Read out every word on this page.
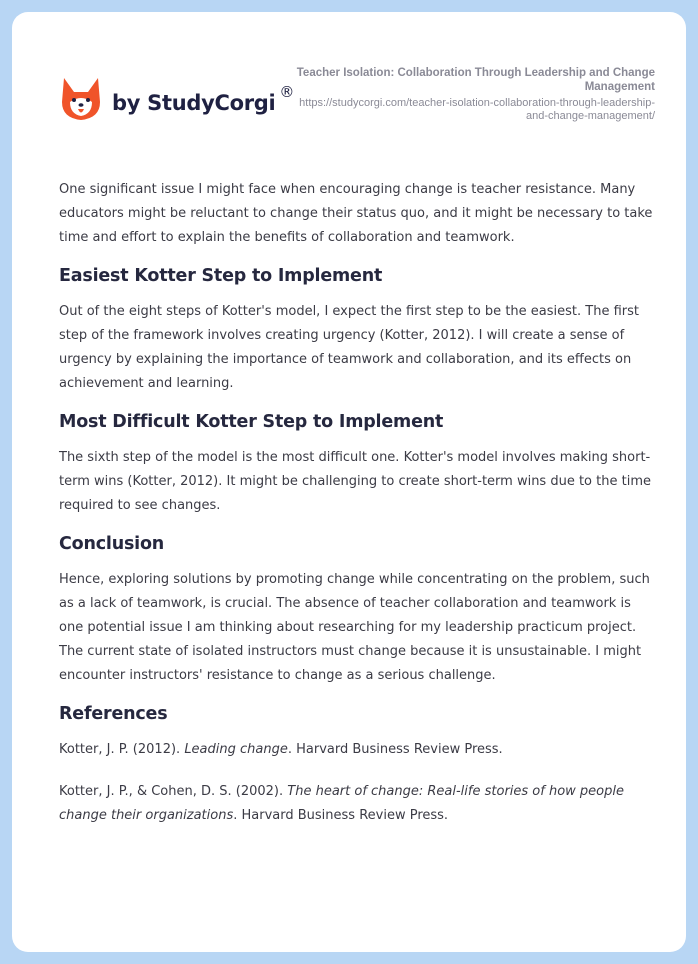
by StudyCorgi ®
Teacher Isolation: Collaboration Through Leadership and Change Management
https://studycorgi.com/teacher-isolation-collaboration-through-leadership-and-change-management/

One significant issue I might face when encouraging change is teacher resistance. Many educators might be reluctant to change their status quo, and it might be necessary to take time and effort to explain the benefits of collaboration and teamwork.

Easiest Kotter Step to Implement

Out of the eight steps of Kotter's model, I expect the first step to be the easiest. The first step of the framework involves creating urgency (Kotter, 2012). I will create a sense of urgency by explaining the importance of teamwork and collaboration, and its effects on achievement and learning.

Most Difficult Kotter Step to Implement

The sixth step of the model is the most difficult one. Kotter's model involves making short-term wins (Kotter, 2012). It might be challenging to create short-term wins due to the time required to see changes.

Conclusion

Hence, exploring solutions by promoting change while concentrating on the problem, such as a lack of teamwork, is crucial. The absence of teacher collaboration and teamwork is one potential issue I am thinking about researching for my leadership practicum project. The current state of isolated instructors must change because it is unsustainable. I might encounter instructors' resistance to change as a serious challenge.

References

Kotter, J. P. (2012). Leading change. Harvard Business Review Press.

Kotter, J. P., & Cohen, D. S. (2002). The heart of change: Real-life stories of how people change their organizations. Harvard Business Review Press.
